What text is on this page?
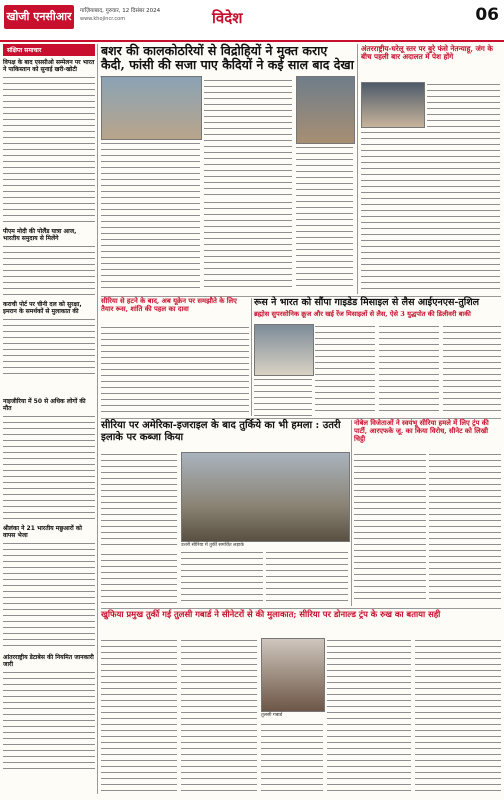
खोजी एनसीआर	गाज़ियाबाद, गुरुवार, 12 दिसंबर 2024
www.khojincr.com	विदेश	06
संक्षिप्त समाचार
विपक्ष के बाद एससीओ सम्मेलन पर भारत ने पाकिस्तान को सुनाई खरी-खोटी
पीएम मोदी की पोलैंड यात्रा आज, भारतीय समुदाय से मिलेंगे
कराची पोर्ट पर चीनी दल को सुरक्षा, इमरान के समर्थकों से मुलाकात की
नाइजीरिया में 50 से अधिक लोगों की मौत
श्रीलंका ने 21 भारतीय मछुआरों को वापस भेजा
आंतरराष्ट्रीय डेटाबेस की नियमित जानकारी जारी
बशर की कालकोठरियों से विद्रोहियों ने मुक्त कराए कैदी, फांसी की सजा पाए कैदियों ने कई साल बाद देखा
अंतरराष्ट्रीय-घरेलू स्तर पर बुरे फंसे नेतन्याहू, जंग के बीच पहली बार अदालत में पेश होंगे
सीरिया से हटने के बाद, अब यूक्रेन पर समझौते के लिए तैयार रूस, शांति की पहल का दावा
रूस ने भारत को सौंपा गाइडेड मिसाइल से लैस आईएनएस-तुशिल
ब्रह्मोस सुपरसोनिक क्रूज और खई रेंज मिसाइलों से लैस, ऐसे 3 युद्धपोत की डिलीवरी बाकी
सीरिया पर अमेरिका-इजराइल के बाद तुर्किये का भी हमला : उतरी इलाके पर कब्जा किया
उत्तरी सीरिया में तुर्की समर्थित लड़ाके
नोबेल विजेताओं ने स्वयंभू सीरिया हमले में लिए ट्रंप की पार्टी, आरएफके जू. का किया विरोध, सीनेट को लिखी चिट्ठी
खुफिया प्रमुख तुर्की गई तुलसी गबार्ड ने सीनेटरों से की मुलाकात; सीरिया पर डोनाल्ड ट्रंप के रुख का बताया सही
तुलसी गबार्ड
